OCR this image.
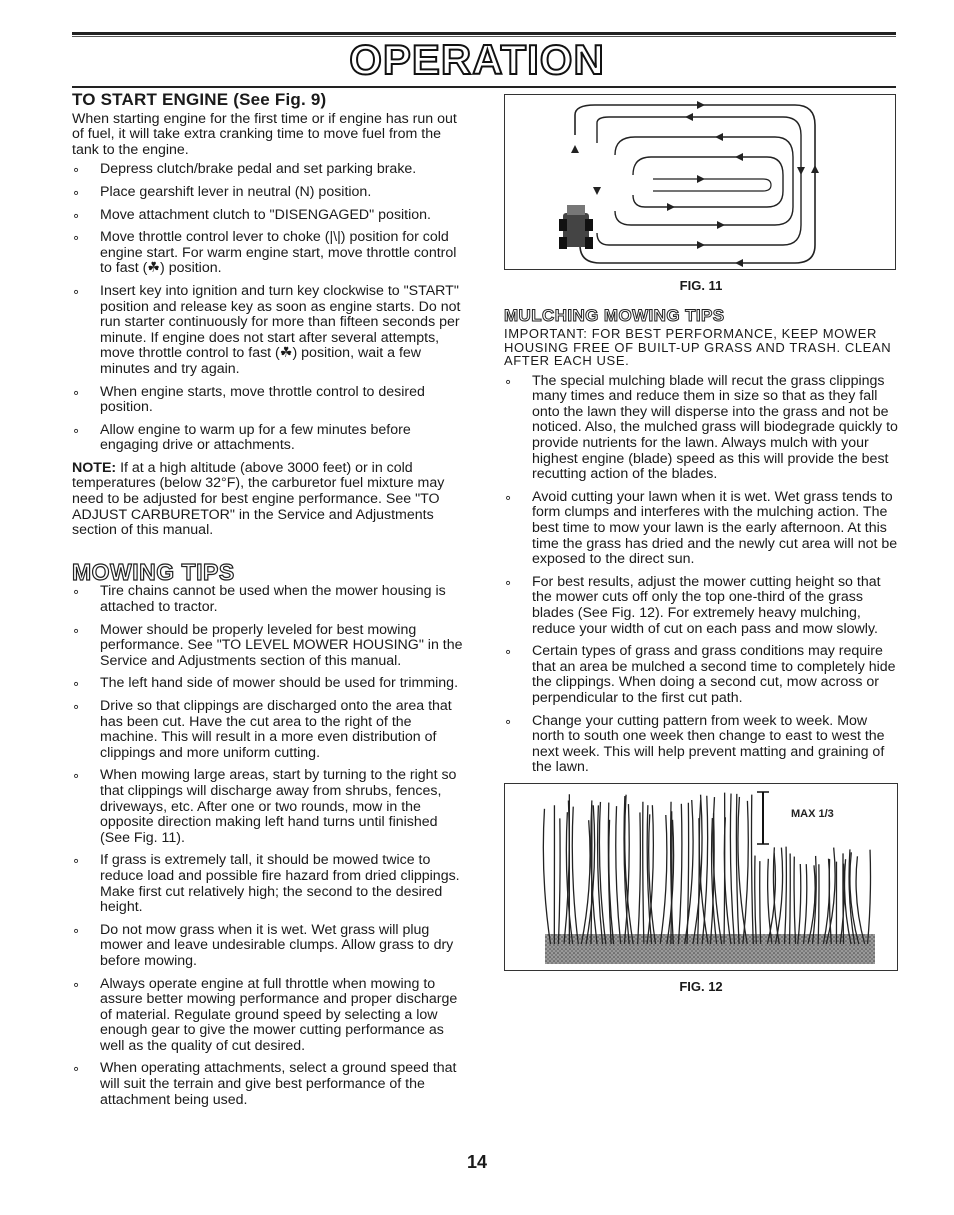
OPERATION
TO START ENGINE (See Fig. 9)

When starting engine for the first time or if engine has run out of fuel, it will take extra cranking time to move fuel from the tank to the engine.

∘ Depress clutch/brake pedal and set parking brake.
∘ Place gearshift lever in neutral (N) position.
∘ Move attachment clutch to "DISENGAGED" position.
∘ Move throttle control lever to choke (|\|) position for cold engine start. For warm engine start, move throttle control to fast (☘) position.
∘ Insert key into ignition and turn key clockwise to "START" position and release key as soon as engine starts. Do not run starter continuously for more than fifteen seconds per minute. If engine does not start after several attempts, move throttle control to fast (☘) position, wait a few minutes and try again.
∘ When engine starts, move throttle control to desired position.
∘ Allow engine to warm up for a few minutes before engaging drive or attachments.

NOTE: If at a high altitude (above 3000 feet) or in cold temperatures (below 32°F), the carburetor fuel mixture may need to be adjusted for best engine performance. See "TO ADJUST CARBURETOR" in the Service and Adjustments section of this manual.

MOWING TIPS
∘ Tire chains cannot be used when the mower housing is attached to tractor.
∘ Mower should be properly leveled for best mowing performance. See "TO LEVEL MOWER HOUSING" in the Service and Adjustments section of this manual.
∘ The left hand side of mower should be used for trimming.
∘ Drive so that clippings are discharged onto the area that has been cut. Have the cut area to the right of the machine. This will result in a more even distribution of clippings and more uniform cutting.
∘ When mowing large areas, start by turning to the right so that clippings will discharge away from shrubs, fences, driveways, etc. After one or two rounds, mow in the opposite direction making left hand turns until finished (See Fig. 11).
∘ If grass is extremely tall, it should be mowed twice to reduce load and possible fire hazard from dried clippings. Make first cut relatively high; the second to the desired height.
∘ Do not mow grass when it is wet. Wet grass will plug mower and leave undesirable clumps. Allow grass to dry before mowing.
∘ Always operate engine at full throttle when mowing to assure better mowing performance and proper discharge of material. Regulate ground speed by selecting a low enough gear to give the mower cutting performance as well as the quality of cut desired.
∘ When operating attachments, select a ground speed that will suit the terrain and give best performance of the attachment being used.
FIG. 11
MULCHING MOWING TIPS

IMPORTANT: FOR BEST PERFORMANCE, KEEP MOWER HOUSING FREE OF BUILT-UP GRASS AND TRASH. CLEAN AFTER EACH USE.

∘ The special mulching blade will recut the grass clippings many times and reduce them in size so that as they fall onto the lawn they will disperse into the grass and not be noticed. Also, the mulched grass will biodegrade quickly to provide nutrients for the lawn. Always mulch with your highest engine (blade) speed as this will provide the best recutting action of the blades.
∘ Avoid cutting your lawn when it is wet. Wet grass tends to form clumps and interferes with the mulching action. The best time to mow your lawn is the early afternoon. At this time the grass has dried and the newly cut area will not be exposed to the direct sun.
∘ For best results, adjust the mower cutting height so that the mower cuts off only the top one-third of the grass blades (See Fig. 12). For extremely heavy mulching, reduce your width of cut on each pass and mow slowly.
∘ Certain types of grass and grass conditions may require that an area be mulched a second time to completely hide the clippings. When doing a second cut, mow across or perpendicular to the first cut path.
∘ Change your cutting pattern from week to week. Mow north to south one week then change to east to west the next week. This will help prevent matting and graining of the lawn.
MAX 1/3
FIG. 12
14
